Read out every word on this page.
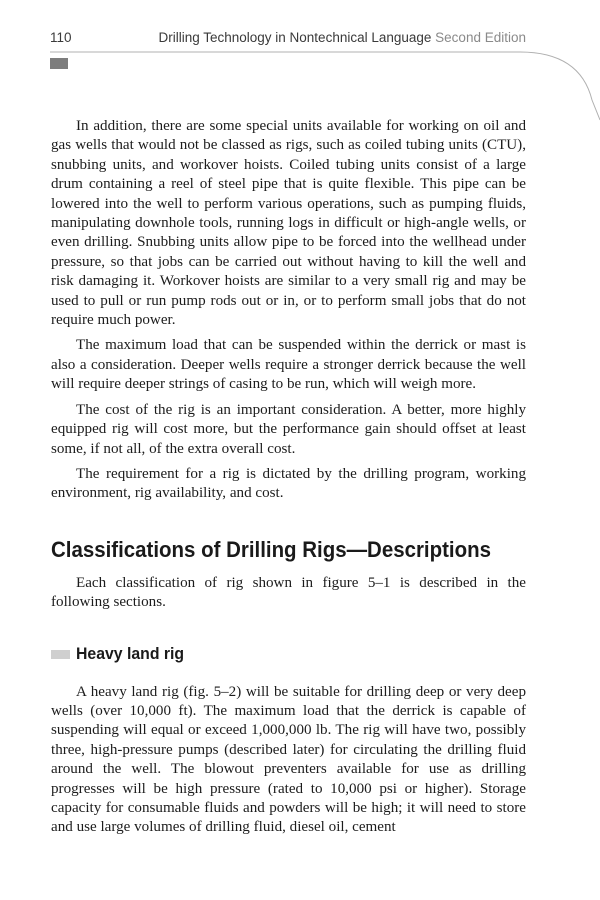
110	Drilling Technology in Nontechnical Language Second Edition

In addition, there are some special units available for working on oil and gas wells that would not be classed as rigs, such as coiled tubing units (CTU), snubbing units, and workover hoists. Coiled tubing units consist of a large drum containing a reel of steel pipe that is quite flexible. This pipe can be lowered into the well to perform various operations, such as pumping fluids, manipulating downhole tools, running logs in difficult or high-angle wells, or even drilling. Snubbing units allow pipe to be forced into the wellhead under pressure, so that jobs can be carried out without having to kill the well and risk damaging it. Workover hoists are similar to a very small rig and may be used to pull or run pump rods out or in, or to perform small jobs that do not require much power.

The maximum load that can be suspended within the derrick or mast is also a consideration. Deeper wells require a stronger derrick because the well will require deeper strings of casing to be run, which will weigh more.

The cost of the rig is an important consideration. A better, more highly equipped rig will cost more, but the performance gain should offset at least some, if not all, of the extra overall cost.

The requirement for a rig is dictated by the drilling program, working environment, rig availability, and cost.

Classifications of Drilling Rigs—Descriptions

Each classification of rig shown in figure 5–1 is described in the following sections.

Heavy land rig

A heavy land rig (fig. 5–2) will be suitable for drilling deep or very deep wells (over 10,000 ft). The maximum load that the derrick is capable of suspending will equal or exceed 1,000,000 lb. The rig will have two, possibly three, high-pressure pumps (described later) for circulating the drilling fluid around the well. The blowout preventers available for use as drilling progresses will be high pressure (rated to 10,000 psi or higher). Storage capacity for consumable fluids and powders will be high; it will need to store and use large volumes of drilling fluid, diesel oil, cement
